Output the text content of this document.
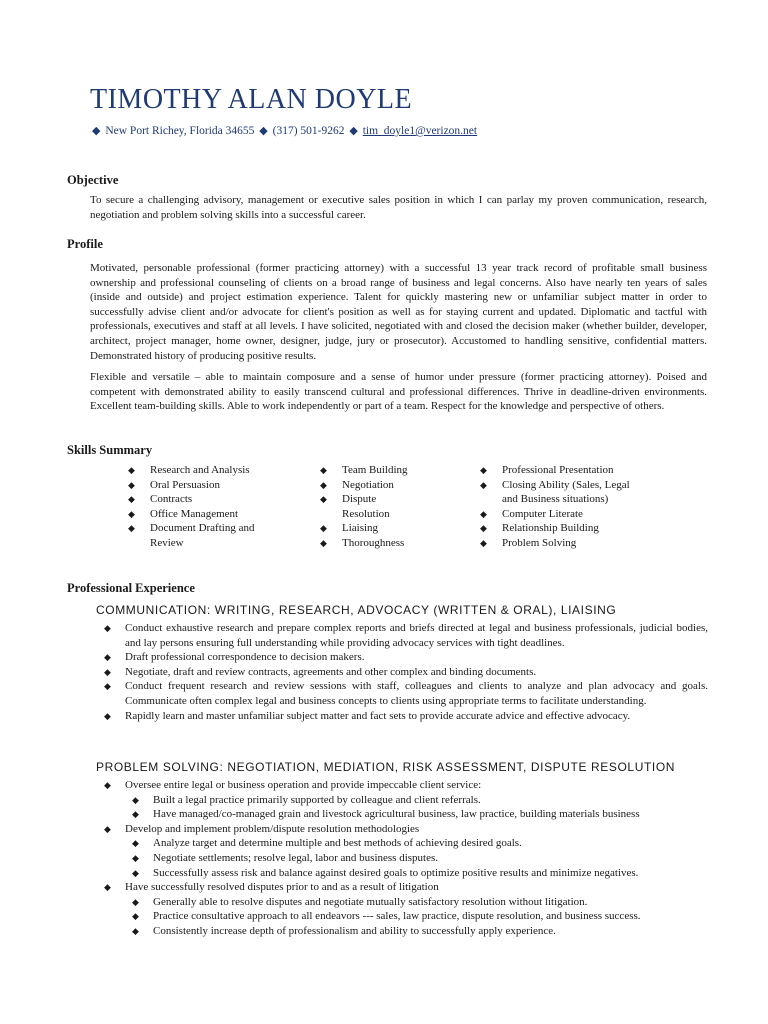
TIMOTHY ALAN DOYLE
◆ New Port Richey, Florida 34655 ◆ (317) 501-9262 ◆ tim_doyle1@verizon.net
Objective
To secure a challenging advisory, management or executive sales position in which I can parlay my proven communication, research, negotiation and problem solving skills into a successful career.
Profile
Motivated, personable professional (former practicing attorney) with a successful 13 year track record of profitable small business ownership and professional counseling of clients on a broad range of business and legal concerns. Also have nearly ten years of sales (inside and outside) and project estimation experience. Talent for quickly mastering new or unfamiliar subject matter in order to successfully advise client and/or advocate for client's position as well as for staying current and updated. Diplomatic and tactful with professionals, executives and staff at all levels. I have solicited, negotiated with and closed the decision maker (whether builder, developer, architect, project manager, home owner, designer, judge, jury or prosecutor). Accustomed to handling sensitive, confidential matters. Demonstrated history of producing positive results.
Flexible and versatile – able to maintain composure and a sense of humor under pressure (former practicing attorney). Poised and competent with demonstrated ability to easily transcend cultural and professional differences. Thrive in deadline-driven environments. Excellent team-building skills. Able to work independently or part of a team. Respect for the knowledge and perspective of others.
Skills Summary
◆ Research and Analysis
◆ Oral Persuasion
◆ Contracts
◆ Office Management
◆ Document Drafting and
Review
◆ Team Building
◆ Negotiation
◆ Dispute
Resolution
◆ Liaising
◆ Thoroughness
◆ Professional Presentation
◆ Closing Ability (Sales, Legal
and Business situations)
◆ Computer Literate
◆ Relationship Building
◆ Problem Solving
Professional Experience
COMMUNICATION: WRITING, RESEARCH, ADVOCACY (WRITTEN & ORAL), LIAISING
◆ Conduct exhaustive research and prepare complex reports and briefs directed at legal and business professionals, judicial bodies, and lay persons ensuring full understanding while providing advocacy services with tight deadlines.
◆ Draft professional correspondence to decision makers.
◆ Negotiate, draft and review contracts, agreements and other complex and binding documents.
◆ Conduct frequent research and review sessions with staff, colleagues and clients to analyze and plan advocacy and goals. Communicate often complex legal and business concepts to clients using appropriate terms to facilitate understanding.
◆ Rapidly learn and master unfamiliar subject matter and fact sets to provide accurate advice and effective advocacy.
PROBLEM SOLVING: NEGOTIATION, MEDIATION, RISK ASSESSMENT, DISPUTE RESOLUTION
◆ Oversee entire legal or business operation and provide impeccable client service:
◆ Built a legal practice primarily supported by colleague and client referrals.
◆ Have managed/co-managed grain and livestock agricultural business, law practice, building materials business
◆ Develop and implement problem/dispute resolution methodologies
◆ Analyze target and determine multiple and best methods of achieving desired goals.
◆ Negotiate settlements; resolve legal, labor and business disputes.
◆ Successfully assess risk and balance against desired goals to optimize positive results and minimize negatives.
◆ Have successfully resolved disputes prior to and as a result of litigation
◆ Generally able to resolve disputes and negotiate mutually satisfactory resolution without litigation.
◆ Practice consultative approach to all endeavors --- sales, law practice, dispute resolution, and business success.
◆ Consistently increase depth of professionalism and ability to successfully apply experience.
